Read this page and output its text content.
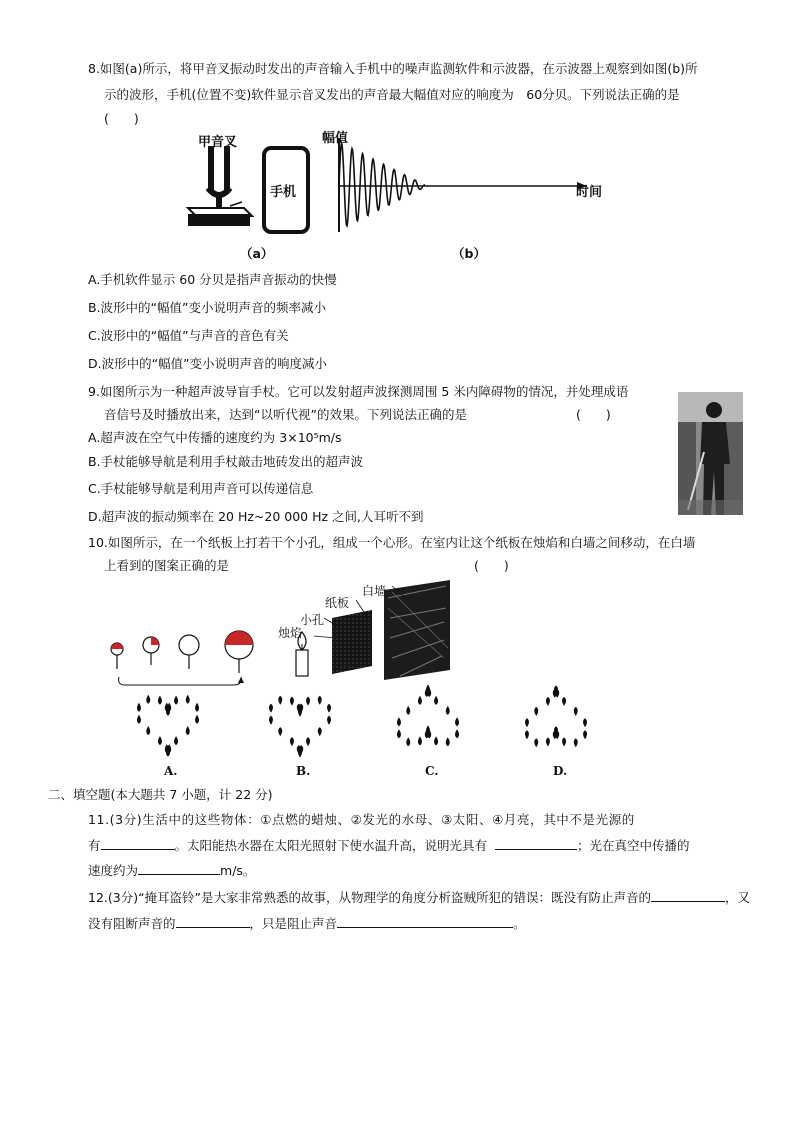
8.如图(a)所示，将甲音叉振动时发出的声音输入手机中的噪声监测软件和示波器，在示波器上观察到如图(b)所
示的波形，手机(位置不变)软件显示音叉发出的声音最大幅值对应的响度为　60分贝。下列说法正确的是
(　　)
甲音叉
手机
（a）
幅值
时间
（b）
A.手机软件显示 60 分贝是指声音振动的快慢
B.波形中的“幅值”变小说明声音的频率减小
C.波形中的“幅值”与声音的音色有关
D.波形中的“幅值”变小说明声音的响度减小
9.如图所示为一种超声波导盲手杖。它可以发射超声波探测周围 5 米内障碍物的情况，并处理成语
音信号及时播放出来，达到“以听代视”的效果。下列说法正确的是	(　　)
A.超声波在空气中传播的速度约为 3×10⁵m/s
B.手杖能够导航是利用手杖敲击地砖发出的超声波
C.手杖能够导航是利用声音可以传递信息
D.超声波的振动频率在 20 Hz~20 000 Hz 之间,人耳听不到
10.如图所示，在一个纸板上打若干个小孔，组成一个心形。在室内让这个纸板在烛焰和白墙之间移动，在白墙
上看到的图案正确的是	(　　)
白墙
纸板
小孔
烛焰
A.	B.	C.	D.
二、填空题(本大题共 7 小题，计 22 分)
11.(3分)生活中的这些物体：①点燃的蜡烛、②发光的水母、③太阳、④月亮，其中不是光源的
有	。太阳能热水器在太阳光照射下使水温升高，说明光具有	；光在真空中传播的
速度约为	m/s。
12.(3分)“掩耳盗铃”是大家非常熟悉的故事，从物理学的角度分析盗贼所犯的错误：既没有防止声音的	，又
没有阻断声音的	，只是阻止声音	。
